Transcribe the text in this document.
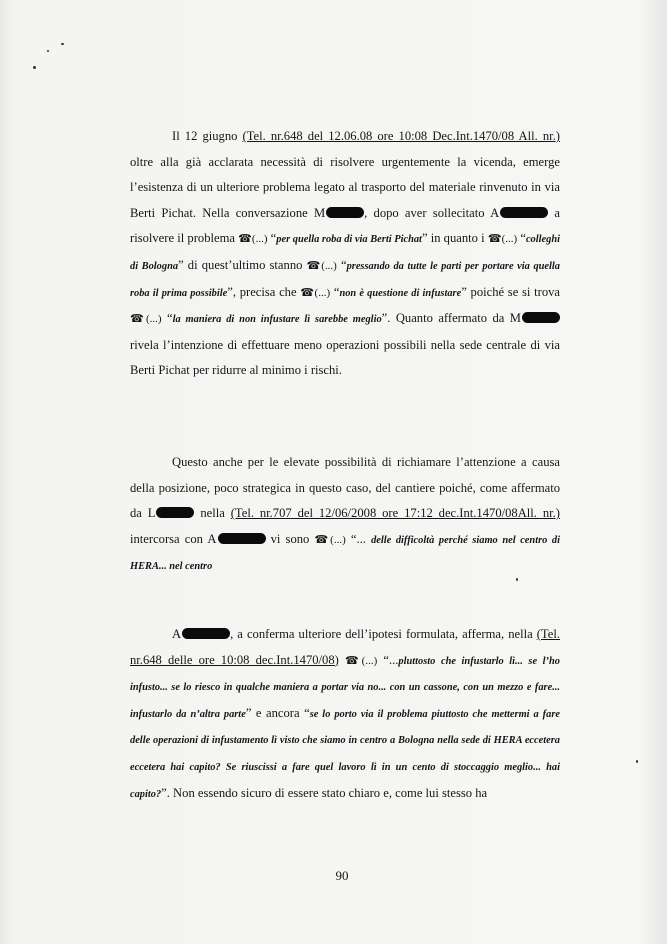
Il 12 giugno (Tel. nr.648 del 12.06.08 ore 10:08 Dec.Int.1470/08 All. nr.) oltre alla già acclarata necessità di risolvere urgentemente la vicenda, emerge l’esistenza di un ulteriore problema legato al trasporto del materiale rinvenuto in via Berti Pichat. Nella conversazione M	, dopo aver sollecitato A	a risolvere il problema ☎(...) “per quella roba di via Berti Pichat” in quanto i ☎(...) “colleghi di Bologna” di quest’ultimo stanno ☎(...) “pressando da tutte le parti per portare via quella roba il prima possibile”, precisa che ☎(...) “non è questione di infustare” poiché se si trova ☎(...) “la maniera di non infustare lì sarebbe meglio”. Quanto affermato da M rivela l’intenzione di effettuare meno operazioni possibili nella sede centrale di via Berti Pichat per ridurre al minimo i rischi.
Questo anche per le elevate possibilità di richiamare l’attenzione a causa della posizione, poco strategica in questo caso, del cantiere poiché, come affermato da L	nella (Tel. nr.707 del 12/06/2008 ore 17:12 dec.Int.1470/08All. nr.) intercorsa con A	vi sono ☎(...) “... delle difficoltà perché siamo nel centro di HERA... nel centro
A	, a conferma ulteriore dell’ipotesi formulata, afferma, nella (Tel. nr.648 delle ore 10:08 dec.Int.1470/08) ☎(...) “...pluttosto che infustarlo lì... se l’ho infusto... se lo riesco in qualche maniera a portar via no... con un cassone, con un mezzo e fare... infustarlo da n’altra parte” e ancora “se lo porto via il problema piuttosto che mettermi a fare delle operazioni di infustamento lì visto che siamo in centro a Bologna nella sede di HERA eccetera eccetera hai capito? Se riuscissi a fare quel lavoro lì in un cento di stoccaggio meglio... hai capito?”. Non essendo sicuro di essere stato chiaro e, come lui stesso ha
90
